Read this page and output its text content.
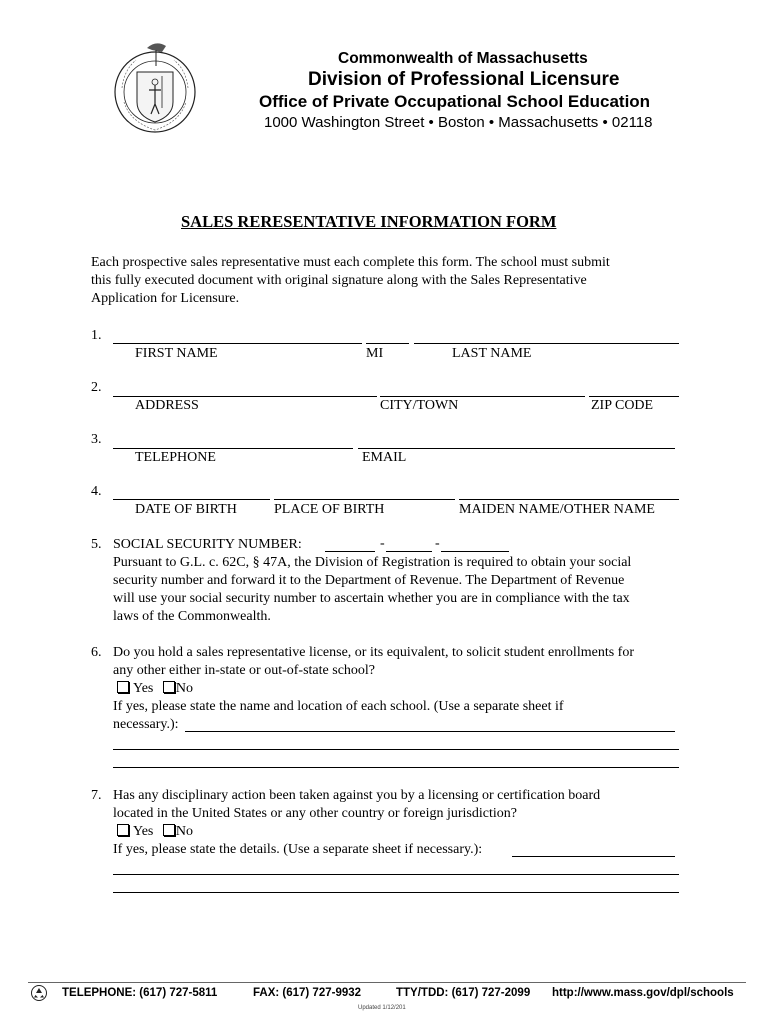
Commonwealth of Massachusetts
Division of Professional Licensure
Office of Private Occupational School Education
1000 Washington Street • Boston • Massachusetts • 02118
SALES RERESENTATIVE INFORMATION FORM
Each prospective sales representative must each complete this form. The school must submit
this fully executed document with original signature along with the Sales Representative
Application for Licensure.
1.
FIRST NAME	MI	LAST NAME
2.
ADDRESS	CITY/TOWN	ZIP CODE
3.
TELEPHONE	EMAIL
4.
DATE OF BIRTH	PLACE OF BIRTH	MAIDEN NAME/OTHER NAME
5. SOCIAL SECURITY NUMBER:	-	-
Pursuant to G.L. c. 62C, § 47A, the Division of Registration is required to obtain your social
security number and forward it to the Department of Revenue. The Department of Revenue
will use your social security number to ascertain whether you are in compliance with the tax
laws of the Commonwealth.
6. Do you hold a sales representative license, or its equivalent, to solicit student enrollments for
any other either in-state or out-of-state school?
Yes No
If yes, please state the name and location of each school. (Use a separate sheet if
necessary.):
7. Has any disciplinary action been taken against you by a licensing or certification board
located in the United States or any other country or foreign jurisdiction?
Yes No
If yes, please state the details. (Use a separate sheet if necessary.):
TELEPHONE: (617) 727-5811	FAX: (617) 727-9932	TTY/TDD: (617) 727-2099 http://www.mass.gov/dpl/schools
Updated 1/12/201
